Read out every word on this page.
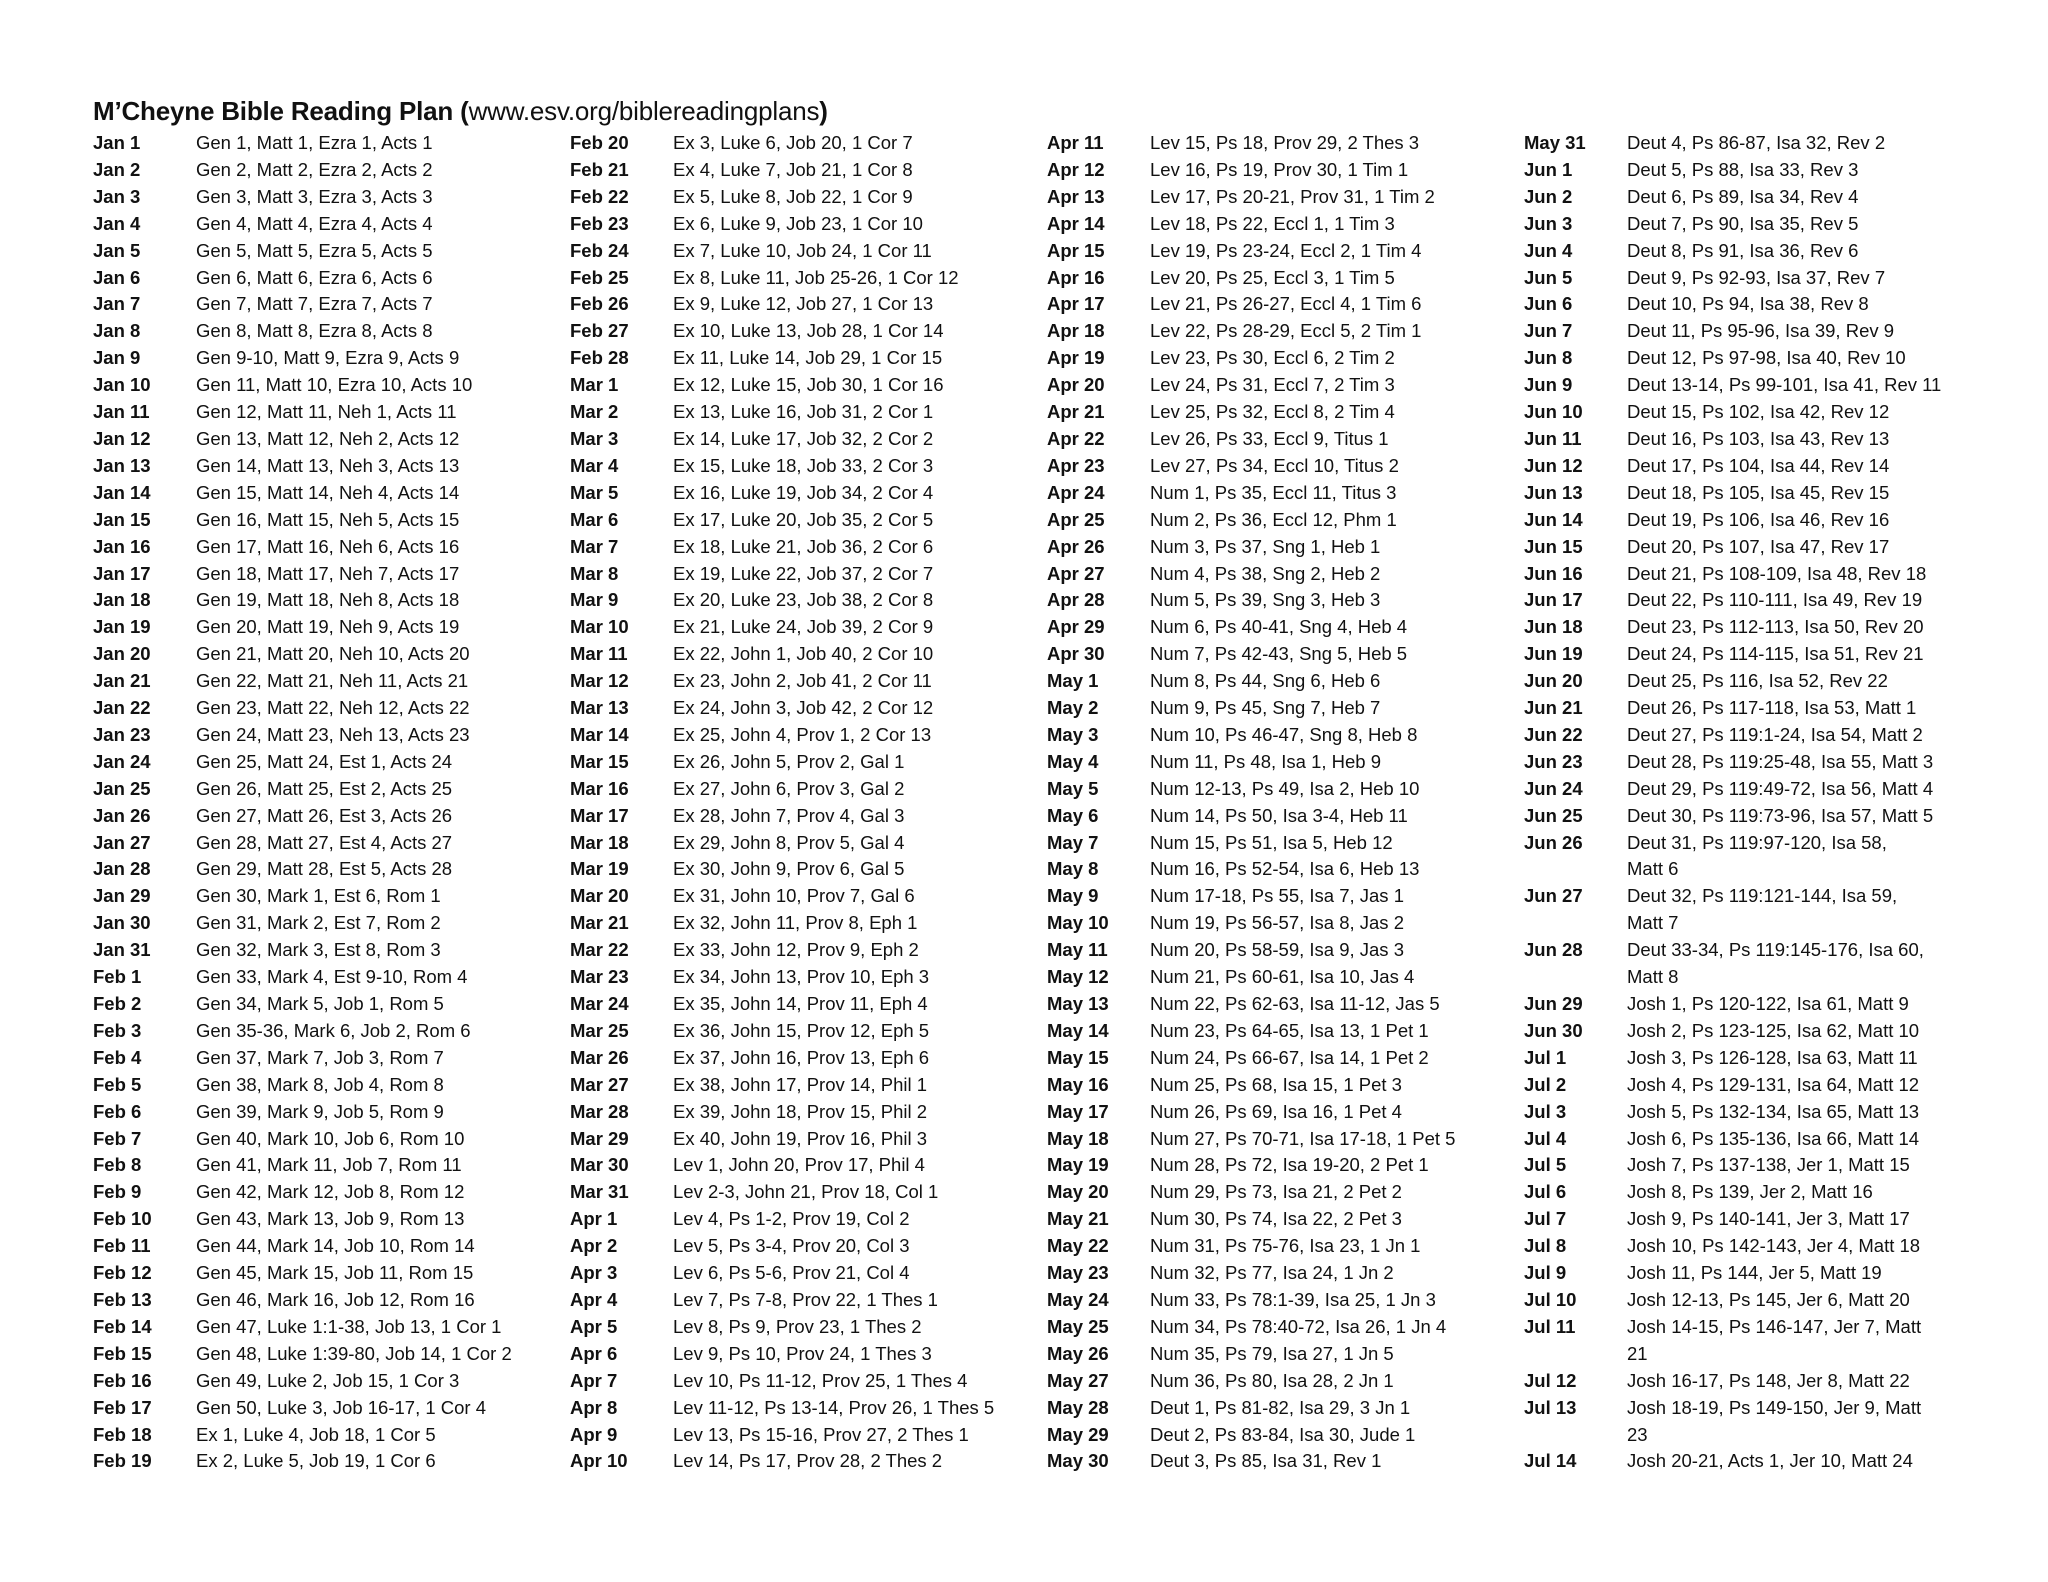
M’Cheyne Bible Reading Plan (www.esv.org/biblereadingplans)
Jan 1	Gen 1, Matt 1, Ezra 1, Acts 1
Jan 2	Gen 2, Matt 2, Ezra 2, Acts 2
Jan 3	Gen 3, Matt 3, Ezra 3, Acts 3
Jan 4	Gen 4, Matt 4, Ezra 4, Acts 4
Jan 5	Gen 5, Matt 5, Ezra 5, Acts 5
Jan 6	Gen 6, Matt 6, Ezra 6, Acts 6
Jan 7	Gen 7, Matt 7, Ezra 7, Acts 7
Jan 8	Gen 8, Matt 8, Ezra 8, Acts 8
Jan 9	Gen 9-10, Matt 9, Ezra 9, Acts 9
Jan 10	Gen 11, Matt 10, Ezra 10, Acts 10
Jan 11	Gen 12, Matt 11, Neh 1, Acts 11
Jan 12	Gen 13, Matt 12, Neh 2, Acts 12
Jan 13	Gen 14, Matt 13, Neh 3, Acts 13
Jan 14	Gen 15, Matt 14, Neh 4, Acts 14
Jan 15	Gen 16, Matt 15, Neh 5, Acts 15
Jan 16	Gen 17, Matt 16, Neh 6, Acts 16
Jan 17	Gen 18, Matt 17, Neh 7, Acts 17
Jan 18	Gen 19, Matt 18, Neh 8, Acts 18
Jan 19	Gen 20, Matt 19, Neh 9, Acts 19
Jan 20	Gen 21, Matt 20, Neh 10, Acts 20
Jan 21	Gen 22, Matt 21, Neh 11, Acts 21
Jan 22	Gen 23, Matt 22, Neh 12, Acts 22
Jan 23	Gen 24, Matt 23, Neh 13, Acts 23
Jan 24	Gen 25, Matt 24, Est 1, Acts 24
Jan 25	Gen 26, Matt 25, Est 2, Acts 25
Jan 26	Gen 27, Matt 26, Est 3, Acts 26
Jan 27	Gen 28, Matt 27, Est 4, Acts 27
Jan 28	Gen 29, Matt 28, Est 5, Acts 28
Jan 29	Gen 30, Mark 1, Est 6, Rom 1
Jan 30	Gen 31, Mark 2, Est 7, Rom 2
Jan 31	Gen 32, Mark 3, Est 8, Rom 3
Feb 1	Gen 33, Mark 4, Est 9-10, Rom 4
Feb 2	Gen 34, Mark 5, Job 1, Rom 5
Feb 3	Gen 35-36, Mark 6, Job 2, Rom 6
Feb 4	Gen 37, Mark 7, Job 3, Rom 7
Feb 5	Gen 38, Mark 8, Job 4, Rom 8
Feb 6	Gen 39, Mark 9, Job 5, Rom 9
Feb 7	Gen 40, Mark 10, Job 6, Rom 10
Feb 8	Gen 41, Mark 11, Job 7, Rom 11
Feb 9	Gen 42, Mark 12, Job 8, Rom 12
Feb 10	Gen 43, Mark 13, Job 9, Rom 13
Feb 11	Gen 44, Mark 14, Job 10, Rom 14
Feb 12	Gen 45, Mark 15, Job 11, Rom 15
Feb 13	Gen 46, Mark 16, Job 12, Rom 16
Feb 14	Gen 47, Luke 1:1-38, Job 13, 1 Cor 1
Feb 15	Gen 48, Luke 1:39-80, Job 14, 1 Cor 2
Feb 16	Gen 49, Luke 2, Job 15, 1 Cor 3
Feb 17	Gen 50, Luke 3, Job 16-17, 1 Cor 4
Feb 18	Ex 1, Luke 4, Job 18, 1 Cor 5
Feb 19	Ex 2, Luke 5, Job 19, 1 Cor 6
Feb 20	Ex 3, Luke 6, Job 20, 1 Cor 7
Feb 21	Ex 4, Luke 7, Job 21, 1 Cor 8
Feb 22	Ex 5, Luke 8, Job 22, 1 Cor 9
Feb 23	Ex 6, Luke 9, Job 23, 1 Cor 10
Feb 24	Ex 7, Luke 10, Job 24, 1 Cor 11
Feb 25	Ex 8, Luke 11, Job 25-26, 1 Cor 12
Feb 26	Ex 9, Luke 12, Job 27, 1 Cor 13
Feb 27	Ex 10, Luke 13, Job 28, 1 Cor 14
Feb 28	Ex 11, Luke 14, Job 29, 1 Cor 15
Mar 1	Ex 12, Luke 15, Job 30, 1 Cor 16
Mar 2	Ex 13, Luke 16, Job 31, 2 Cor 1
Mar 3	Ex 14, Luke 17, Job 32, 2 Cor 2
Mar 4	Ex 15, Luke 18, Job 33, 2 Cor 3
Mar 5	Ex 16, Luke 19, Job 34, 2 Cor 4
Mar 6	Ex 17, Luke 20, Job 35, 2 Cor 5
Mar 7	Ex 18, Luke 21, Job 36, 2 Cor 6
Mar 8	Ex 19, Luke 22, Job 37, 2 Cor 7
Mar 9	Ex 20, Luke 23, Job 38, 2 Cor 8
Mar 10	Ex 21, Luke 24, Job 39, 2 Cor 9
Mar 11	Ex 22, John 1, Job 40, 2 Cor 10
Mar 12	Ex 23, John 2, Job 41, 2 Cor 11
Mar 13	Ex 24, John 3, Job 42, 2 Cor 12
Mar 14	Ex 25, John 4, Prov 1, 2 Cor 13
Mar 15	Ex 26, John 5, Prov 2, Gal 1
Mar 16	Ex 27, John 6, Prov 3, Gal 2
Mar 17	Ex 28, John 7, Prov 4, Gal 3
Mar 18	Ex 29, John 8, Prov 5, Gal 4
Mar 19	Ex 30, John 9, Prov 6, Gal 5
Mar 20	Ex 31, John 10, Prov 7, Gal 6
Mar 21	Ex 32, John 11, Prov 8, Eph 1
Mar 22	Ex 33, John 12, Prov 9, Eph 2
Mar 23	Ex 34, John 13, Prov 10, Eph 3
Mar 24	Ex 35, John 14, Prov 11, Eph 4
Mar 25	Ex 36, John 15, Prov 12, Eph 5
Mar 26	Ex 37, John 16, Prov 13, Eph 6
Mar 27	Ex 38, John 17, Prov 14, Phil 1
Mar 28	Ex 39, John 18, Prov 15, Phil 2
Mar 29	Ex 40, John 19, Prov 16, Phil 3
Mar 30	Lev 1, John 20, Prov 17, Phil 4
Mar 31	Lev 2-3, John 21, Prov 18, Col 1
Apr 1	Lev 4, Ps 1-2, Prov 19, Col 2
Apr 2	Lev 5, Ps 3-4, Prov 20, Col 3
Apr 3	Lev 6, Ps 5-6, Prov 21, Col 4
Apr 4	Lev 7, Ps 7-8, Prov 22, 1 Thes 1
Apr 5	Lev 8, Ps 9, Prov 23, 1 Thes 2
Apr 6	Lev 9, Ps 10, Prov 24, 1 Thes 3
Apr 7	Lev 10, Ps 11-12, Prov 25, 1 Thes 4
Apr 8	Lev 11-12, Ps 13-14, Prov 26, 1 Thes 5
Apr 9	Lev 13, Ps 15-16, Prov 27, 2 Thes 1
Apr 10	Lev 14, Ps 17, Prov 28, 2 Thes 2
Apr 11	Lev 15, Ps 18, Prov 29, 2 Thes 3
Apr 12	Lev 16, Ps 19, Prov 30, 1 Tim 1
Apr 13	Lev 17, Ps 20-21, Prov 31, 1 Tim 2
Apr 14	Lev 18, Ps 22, Eccl 1, 1 Tim 3
Apr 15	Lev 19, Ps 23-24, Eccl 2, 1 Tim 4
Apr 16	Lev 20, Ps 25, Eccl 3, 1 Tim 5
Apr 17	Lev 21, Ps 26-27, Eccl 4, 1 Tim 6
Apr 18	Lev 22, Ps 28-29, Eccl 5, 2 Tim 1
Apr 19	Lev 23, Ps 30, Eccl 6, 2 Tim 2
Apr 20	Lev 24, Ps 31, Eccl 7, 2 Tim 3
Apr 21	Lev 25, Ps 32, Eccl 8, 2 Tim 4
Apr 22	Lev 26, Ps 33, Eccl 9, Titus 1
Apr 23	Lev 27, Ps 34, Eccl 10, Titus 2
Apr 24	Num 1, Ps 35, Eccl 11, Titus 3
Apr 25	Num 2, Ps 36, Eccl 12, Phm 1
Apr 26	Num 3, Ps 37, Sng 1, Heb 1
Apr 27	Num 4, Ps 38, Sng 2, Heb 2
Apr 28	Num 5, Ps 39, Sng 3, Heb 3
Apr 29	Num 6, Ps 40-41, Sng 4, Heb 4
Apr 30	Num 7, Ps 42-43, Sng 5, Heb 5
May 1	Num 8, Ps 44, Sng 6, Heb 6
May 2	Num 9, Ps 45, Sng 7, Heb 7
May 3	Num 10, Ps 46-47, Sng 8, Heb 8
May 4	Num 11, Ps 48, Isa 1, Heb 9
May 5	Num 12-13, Ps 49, Isa 2, Heb 10
May 6	Num 14, Ps 50, Isa 3-4, Heb 11
May 7	Num 15, Ps 51, Isa 5, Heb 12
May 8	Num 16, Ps 52-54, Isa 6, Heb 13
May 9	Num 17-18, Ps 55, Isa 7, Jas 1
May 10	Num 19, Ps 56-57, Isa 8, Jas 2
May 11	Num 20, Ps 58-59, Isa 9, Jas 3
May 12	Num 21, Ps 60-61, Isa 10, Jas 4
May 13	Num 22, Ps 62-63, Isa 11-12, Jas 5
May 14	Num 23, Ps 64-65, Isa 13, 1 Pet 1
May 15	Num 24, Ps 66-67, Isa 14, 1 Pet 2
May 16	Num 25, Ps 68, Isa 15, 1 Pet 3
May 17	Num 26, Ps 69, Isa 16, 1 Pet 4
May 18	Num 27, Ps 70-71, Isa 17-18, 1 Pet 5
May 19	Num 28, Ps 72, Isa 19-20, 2 Pet 1
May 20	Num 29, Ps 73, Isa 21, 2 Pet 2
May 21	Num 30, Ps 74, Isa 22, 2 Pet 3
May 22	Num 31, Ps 75-76, Isa 23, 1 Jn 1
May 23	Num 32, Ps 77, Isa 24, 1 Jn 2
May 24	Num 33, Ps 78:1-39, Isa 25, 1 Jn 3
May 25	Num 34, Ps 78:40-72, Isa 26, 1 Jn 4
May 26	Num 35, Ps 79, Isa 27, 1 Jn 5
May 27	Num 36, Ps 80, Isa 28, 2 Jn 1
May 28	Deut 1, Ps 81-82, Isa 29, 3 Jn 1
May 29	Deut 2, Ps 83-84, Isa 30, Jude 1
May 30	Deut 3, Ps 85, Isa 31, Rev 1
May 31	Deut 4, Ps 86-87, Isa 32, Rev 2
Jun 1	Deut 5, Ps 88, Isa 33, Rev 3
Jun 2	Deut 6, Ps 89, Isa 34, Rev 4
Jun 3	Deut 7, Ps 90, Isa 35, Rev 5
Jun 4	Deut 8, Ps 91, Isa 36, Rev 6
Jun 5	Deut 9, Ps 92-93, Isa 37, Rev 7
Jun 6	Deut 10, Ps 94, Isa 38, Rev 8
Jun 7	Deut 11, Ps 95-96, Isa 39, Rev 9
Jun 8	Deut 12, Ps 97-98, Isa 40, Rev 10
Jun 9	Deut 13-14, Ps 99-101, Isa 41, Rev 11
Jun 10	Deut 15, Ps 102, Isa 42, Rev 12
Jun 11	Deut 16, Ps 103, Isa 43, Rev 13
Jun 12	Deut 17, Ps 104, Isa 44, Rev 14
Jun 13	Deut 18, Ps 105, Isa 45, Rev 15
Jun 14	Deut 19, Ps 106, Isa 46, Rev 16
Jun 15	Deut 20, Ps 107, Isa 47, Rev 17
Jun 16	Deut 21, Ps 108-109, Isa 48, Rev 18
Jun 17	Deut 22, Ps 110-111, Isa 49, Rev 19
Jun 18	Deut 23, Ps 112-113, Isa 50, Rev 20
Jun 19	Deut 24, Ps 114-115, Isa 51, Rev 21
Jun 20	Deut 25, Ps 116, Isa 52, Rev 22
Jun 21	Deut 26, Ps 117-118, Isa 53, Matt 1
Jun 22	Deut 27, Ps 119:1-24, Isa 54, Matt 2
Jun 23	Deut 28, Ps 119:25-48, Isa 55, Matt 3
Jun 24	Deut 29, Ps 119:49-72, Isa 56, Matt 4
Jun 25	Deut 30, Ps 119:73-96, Isa 57, Matt 5
Jun 26	Deut 31, Ps 119:97-120, Isa 58, Matt 6
Jun 27	Deut 32, Ps 119:121-144, Isa 59, Matt 7
Jun 28	Deut 33-34, Ps 119:145-176, Isa 60, Matt 8
Jun 29	Josh 1, Ps 120-122, Isa 61, Matt 9
Jun 30	Josh 2, Ps 123-125, Isa 62, Matt 10
Jul 1	Josh 3, Ps 126-128, Isa 63, Matt 11
Jul 2	Josh 4, Ps 129-131, Isa 64, Matt 12
Jul 3	Josh 5, Ps 132-134, Isa 65, Matt 13
Jul 4	Josh 6, Ps 135-136, Isa 66, Matt 14
Jul 5	Josh 7, Ps 137-138, Jer 1, Matt 15
Jul 6	Josh 8, Ps 139, Jer 2, Matt 16
Jul 7	Josh 9, Ps 140-141, Jer 3, Matt 17
Jul 8	Josh 10, Ps 142-143, Jer 4, Matt 18
Jul 9	Josh 11, Ps 144, Jer 5, Matt 19
Jul 10	Josh 12-13, Ps 145, Jer 6, Matt 20
Jul 11	Josh 14-15, Ps 146-147, Jer 7, Matt 21
Jul 12	Josh 16-17, Ps 148, Jer 8, Matt 22
Jul 13	Josh 18-19, Ps 149-150, Jer 9, Matt 23
Jul 14	Josh 20-21, Acts 1, Jer 10, Matt 24
